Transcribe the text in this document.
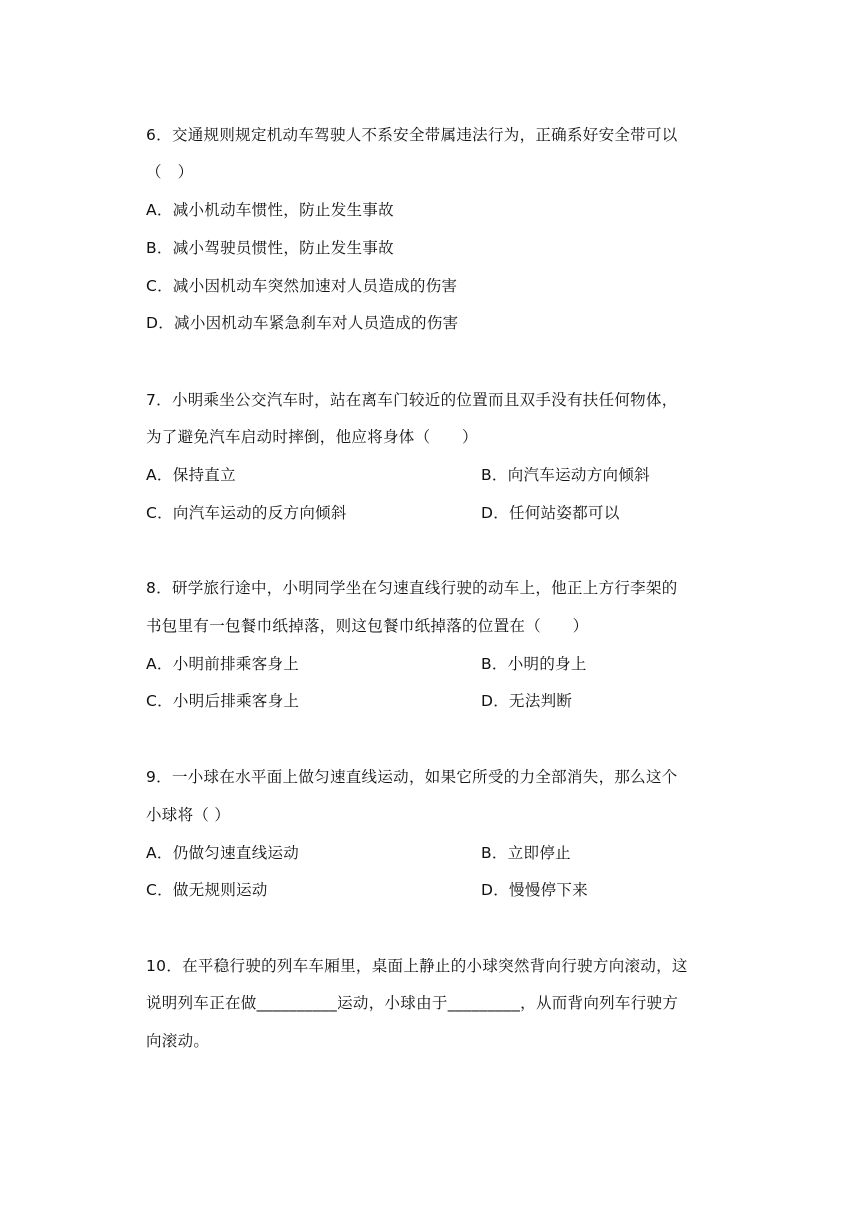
6．交通规则规定机动车驾驶人不系安全带属违法行为，正确系好安全带可以
（　）
A．减小机动车惯性，防止发生事故
B．减小驾驶员惯性，防止发生事故
C．减小因机动车突然加速对人员造成的伤害
D．减小因机动车紧急刹车对人员造成的伤害
7．小明乘坐公交汽车时，站在离车门较近的位置而且双手没有扶任何物体，
为了避免汽车启动时摔倒，他应将身体（　　）
A．保持直立	B．向汽车运动方向倾斜
C．向汽车运动的反方向倾斜	D．任何站姿都可以
8．研学旅行途中，小明同学坐在匀速直线行驶的动车上，他正上方行李架的
书包里有一包餐巾纸掉落，则这包餐巾纸掉落的位置在（　　）
A．小明前排乘客身上	B．小明的身上
C．小明后排乘客身上	D．无法判断
9．一小球在水平面上做匀速直线运动，如果它所受的力全部消失，那么这个
小球将（ ）
A．仍做匀速直线运动	B．立即停止
C．做无规则运动	D．慢慢停下来
10．在平稳行驶的列车车厢里，桌面上静止的小球突然背向行驶方向滚动，这
说明列车正在做__________运动，小球由于_________，从而背向列车行驶方
向滚动。
